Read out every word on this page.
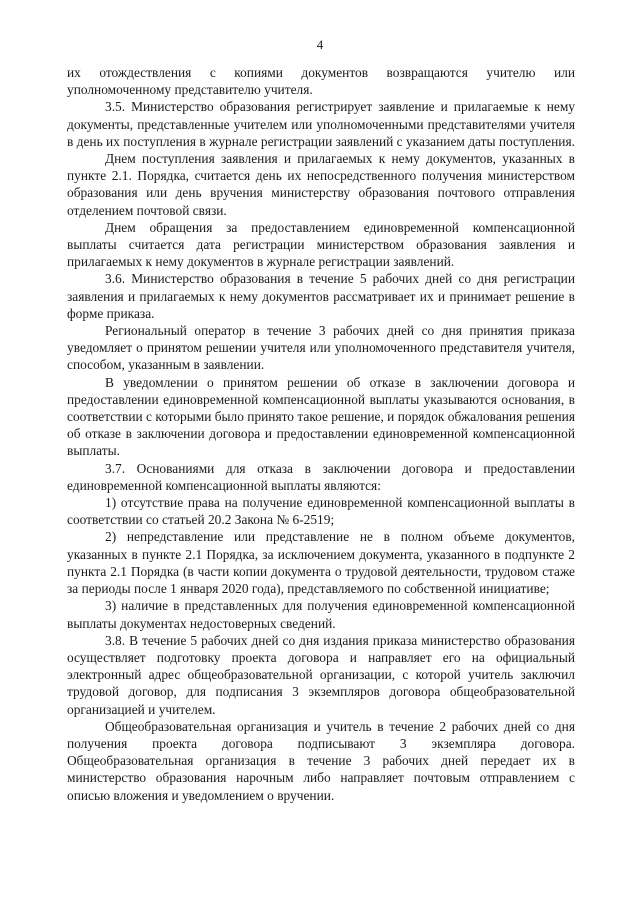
4

их отождествления с копиями документов возвращаются учителю или уполномоченному представителю учителя.

3.5. Министерство образования регистрирует заявление и прилагаемые к нему документы, представленные учителем или уполномоченными представителями учителя в день их поступления в журнале регистрации заявлений с указанием даты поступления.

Днем поступления заявления и прилагаемых к нему документов, указанных в пункте 2.1. Порядка, считается день их непосредственного получения министерством образования или день вручения министерству образования почтового отправления отделением почтовой связи.

Днем обращения за предоставлением единовременной компенсационной выплаты считается дата регистрации министерством образования заявления и прилагаемых к нему документов в журнале регистрации заявлений.

3.6. Министерство образования в течение 5 рабочих дней со дня регистрации заявления и прилагаемых к нему документов рассматривает их и принимает решение в форме приказа.

Региональный оператор в течение 3 рабочих дней со дня принятия приказа уведомляет о принятом решении учителя или уполномоченного представителя учителя, способом, указанным в заявлении.

В уведомлении о принятом решении об отказе в заключении договора и предоставлении единовременной компенсационной выплаты указываются основания, в соответствии с которыми было принято такое решение, и порядок обжалования решения об отказе в заключении договора и предоставлении единовременной компенсационной выплаты.

3.7. Основаниями для отказа в заключении договора и предоставлении единовременной компенсационной выплаты являются:

1) отсутствие права на получение единовременной компенсационной выплаты в соответствии со статьей 20.2 Закона № 6-2519;

2) непредставление или представление не в полном объеме документов, указанных в пункте 2.1 Порядка, за исключением документа, указанного в подпункте 2 пункта 2.1 Порядка (в части копии документа о трудовой деятельности, трудовом стаже за периоды после 1 января 2020 года), представляемого по собственной инициативе;

3) наличие в представленных для получения единовременной компенсационной выплаты документах недостоверных сведений.

3.8. В течение 5 рабочих дней со дня издания приказа министерство образования осуществляет подготовку проекта договора и направляет его на официальный электронный адрес общеобразовательной организации, с которой учитель заключил трудовой договор, для подписания 3 экземпляров договора общеобразовательной организацией и учителем.

Общеобразовательная организация и учитель в течение 2 рабочих дней со дня получения проекта договора подписывают 3 экземпляра договора. Общеобразовательная организация в течение 3 рабочих дней передает их в министерство образования нарочным либо направляет почтовым отправлением с описью вложения и уведомлением о вручении.
